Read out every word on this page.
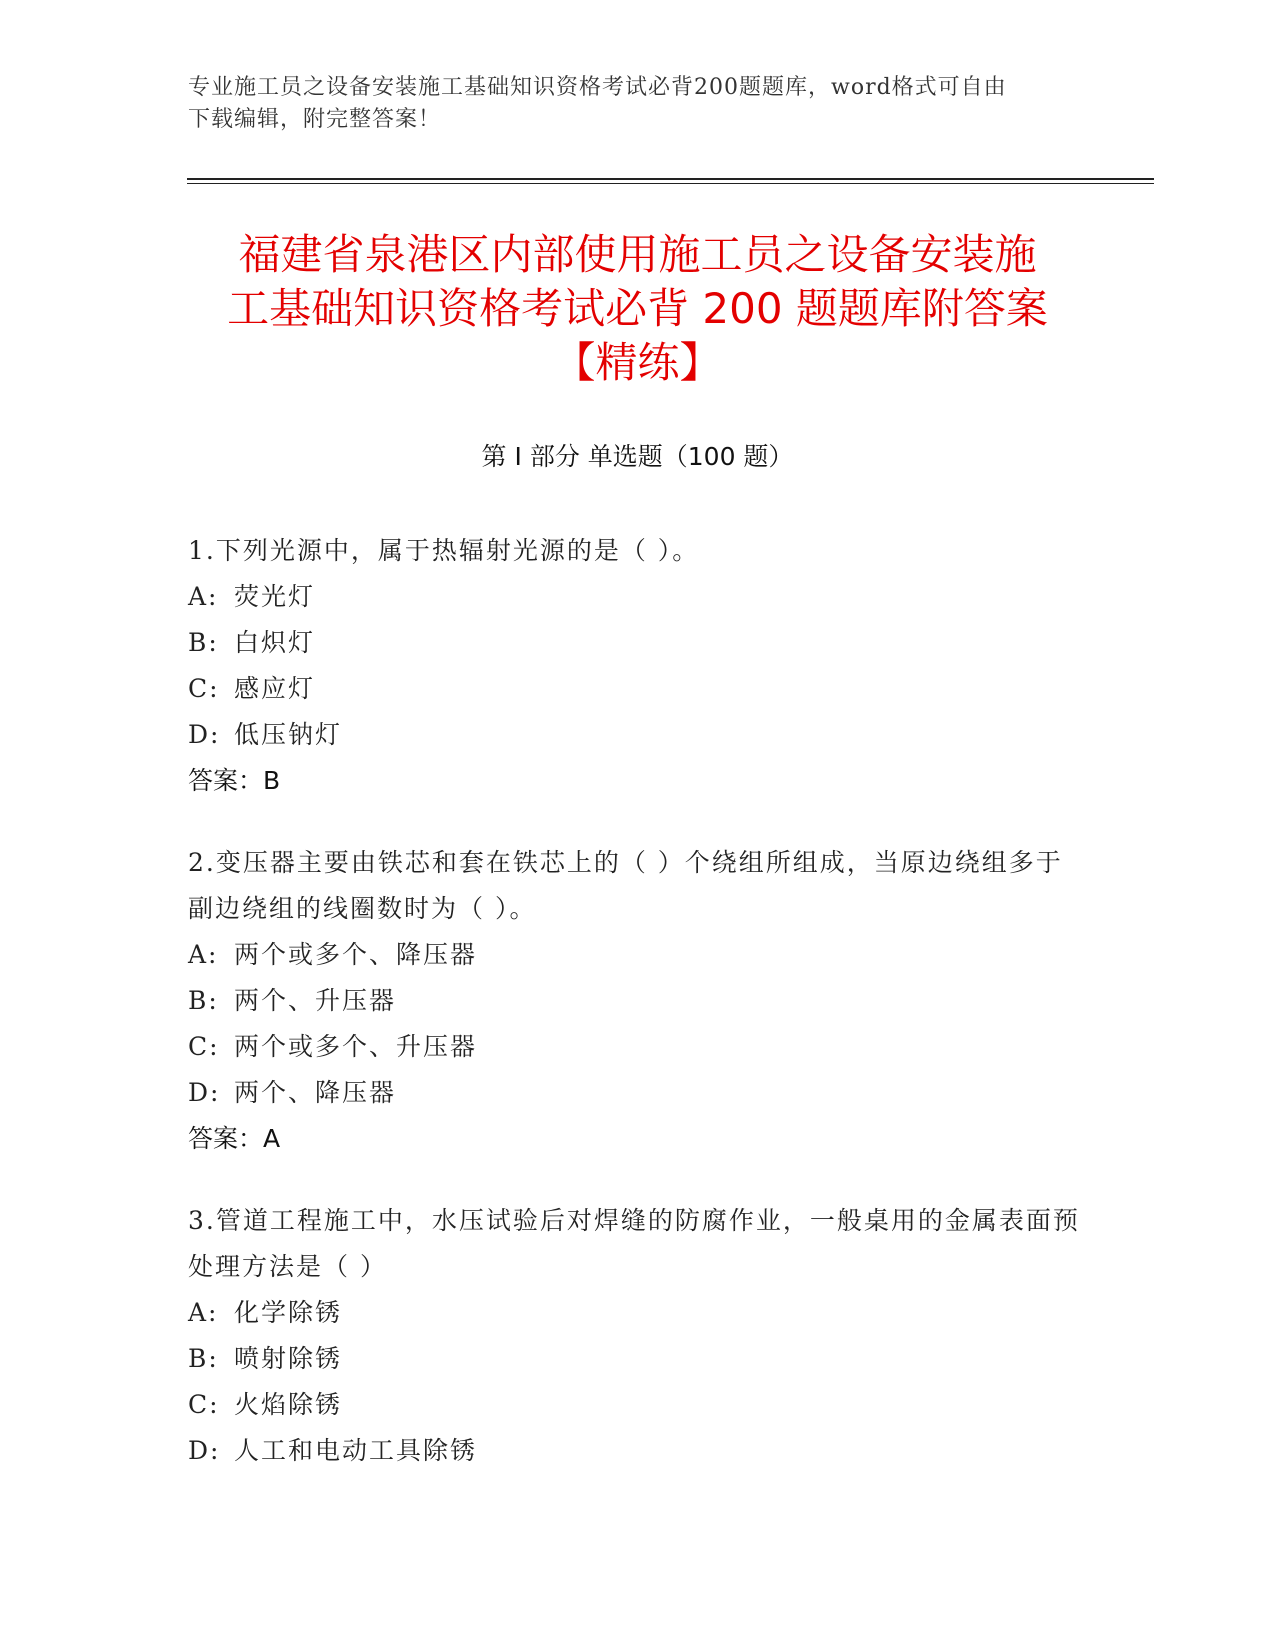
专业施工员之设备安装施工基础知识资格考试必背200题题库，word格式可自由
下载编辑，附完整答案！
福建省泉港区内部使用施工员之设备安装施
工基础知识资格考试必背 200 题题库附答案
【精练】
第 I 部分 单选题（100 题）
1.下列光源中，属于热辐射光源的是（ ）。
A: 荧光灯
B: 白炽灯
C: 感应灯
D: 低压钠灯
答案：B
2.变压器主要由铁芯和套在铁芯上的（ ）个绕组所组成，当原边绕组多于副边绕组的线圈数时为（ ）。
A: 两个或多个、降压器
B: 两个、升压器
C: 两个或多个、升压器
D: 两个、降压器
答案：A
3.管道工程施工中，水压试验后对焊缝的防腐作业，一般桌用的金属表面预处理方法是（ ）
A: 化学除锈
B: 喷射除锈
C: 火焰除锈
D: 人工和电动工具除锈
